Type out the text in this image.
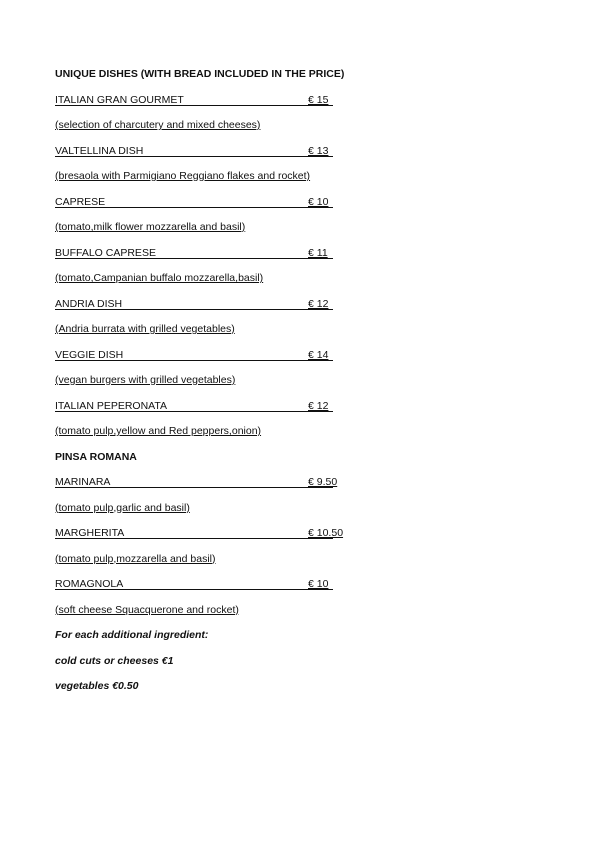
UNIQUE DISHES (WITH BREAD INCLUDED IN THE PRICE)
ITALIAN GRAN GOURMET	€ 15
(selection of charcutery and mixed cheeses)
VALTELLINA DISH	€ 13
(bresaola with Parmigiano Reggiano flakes and rocket)
CAPRESE	€ 10
(tomato,milk flower mozzarella and basil)
BUFFALO CAPRESE	€ 11
(tomato,Campanian buffalo mozzarella,basil)
ANDRIA DISH	€ 12
(Andria burrata with grilled vegetables)
VEGGIE DISH	€ 14
(vegan burgers with grilled vegetables)
ITALIAN PEPERONATA	€ 12
(tomato pulp,yellow and Red peppers,onion)
PINSA ROMANA
MARINARA	€ 9.50
(tomato pulp,garlic and basil)
MARGHERITA	€ 10.50
(tomato pulp,mozzarella and basil)
ROMAGNOLA	€ 10
(soft cheese Squacquerone and rocket)
For each additional ingredient:
cold cuts or cheeses €1
vegetables €0.50
